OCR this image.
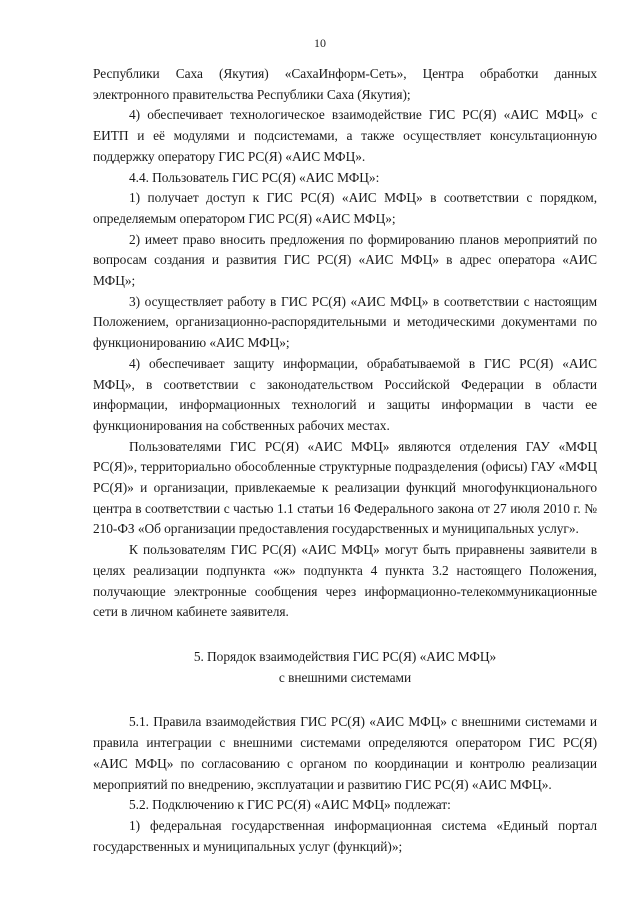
10

Республики Саха (Якутия) «СахаИнформ-Сеть», Центра обработки данных электронного правительства Республики Саха (Якутия);

4) обеспечивает технологическое взаимодействие ГИС РС(Я) «АИС МФЦ» с ЕИТП и её модулями и подсистемами, а также осуществляет консультационную поддержку оператору ГИС РС(Я) «АИС МФЦ».

4.4. Пользователь ГИС РС(Я) «АИС МФЦ»:

1) получает доступ к ГИС РС(Я) «АИС МФЦ» в соответствии с порядком, определяемым оператором ГИС РС(Я) «АИС МФЦ»;

2) имеет право вносить предложения по формированию планов мероприятий по вопросам создания и развития ГИС РС(Я) «АИС МФЦ» в адрес оператора «АИС МФЦ»;

3) осуществляет работу в ГИС РС(Я) «АИС МФЦ» в соответствии с настоящим Положением, организационно-распорядительными и методическими документами по функционированию «АИС МФЦ»;

4) обеспечивает защиту информации, обрабатываемой в ГИС РС(Я) «АИС МФЦ», в соответствии с законодательством Российской Федерации в области информации, информационных технологий и защиты информации в части ее функционирования на собственных рабочих местах.

Пользователями ГИС РС(Я) «АИС МФЦ» являются отделения ГАУ «МФЦ РС(Я)», территориально обособленные структурные подразделения (офисы) ГАУ «МФЦ РС(Я)» и организации, привлекаемые к реализации функций многофункционального центра в соответствии с частью 1.1 статьи 16 Федерального закона от 27 июля 2010 г. № 210-ФЗ «Об организации предоставления государственных и муниципальных услуг».

К пользователям ГИС РС(Я) «АИС МФЦ» могут быть приравнены заявители в целях реализации подпункта «ж» подпункта 4 пункта 3.2 настоящего Положения, получающие электронные сообщения через информационно-телекоммуникационные сети в личном кабинете заявителя.

5. Порядок взаимодействия ГИС РС(Я) «АИС МФЦ»
с внешними системами

5.1. Правила взаимодействия ГИС РС(Я) «АИС МФЦ» с внешними системами и правила интеграции с внешними системами определяются оператором ГИС РС(Я) «АИС МФЦ» по согласованию с органом по координации и контролю реализации мероприятий по внедрению, эксплуатации и развитию ГИС РС(Я) «АИС МФЦ».

5.2. Подключению к ГИС РС(Я) «АИС МФЦ» подлежат:

1) федеральная государственная информационная система «Единый портал государственных и муниципальных услуг (функций)»;
